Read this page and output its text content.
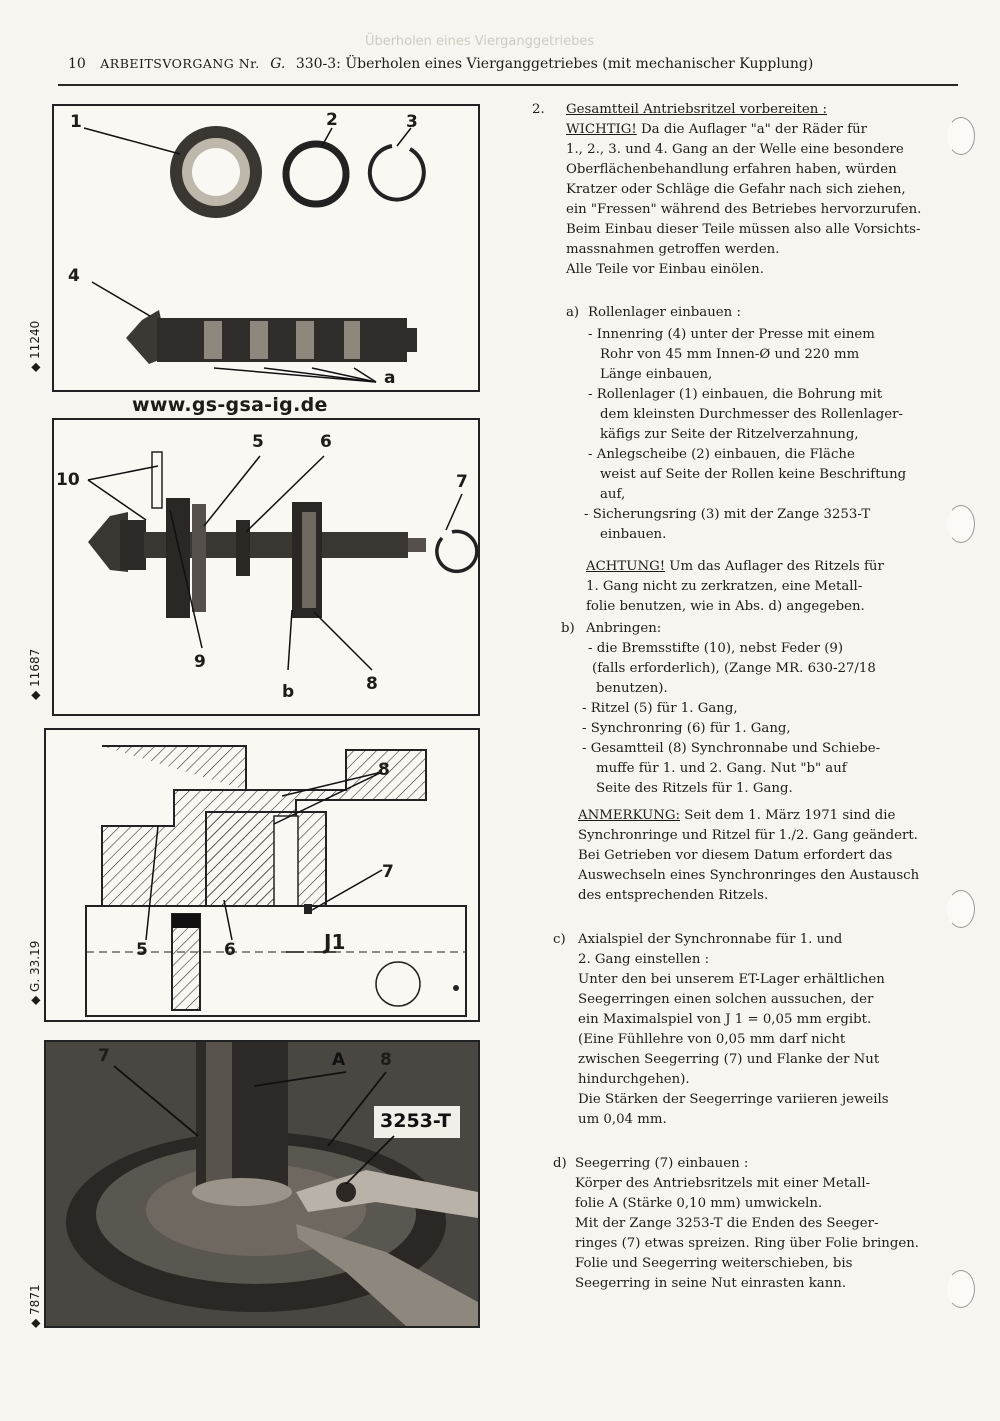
Überholen eines Vierganggetriebes
10 ARBEITSVORGANG Nr. G. 330-3: Überholen eines Vierganggetriebes (mit mechanischer Kupplung)
◆ 11240
◆ 11687
◆ G. 33.19
◆ 7871
1	2	3
4
a
www.gs-gsa-ig.de
5	6
7
10
9
b	8
8
7
5	6	J1
7	A 8
3253-T
2. Gesamtteil Antriebsritzel vorbereiten :
WICHTIG! Da die Auflager "a" der Räder für
1., 2., 3. und 4. Gang an der Welle eine besondere
Oberflächenbehandlung erfahren haben, würden
Kratzer oder Schläge die Gefahr nach sich ziehen,
ein "Fressen" während des Betriebes hervorzurufen.
Beim Einbau dieser Teile müssen also alle Vorsichts-
massnahmen getroffen werden.
Alle Teile vor Einbau einölen.
a) Rollenlager einbauen :
- Innenring (4) unter der Presse mit einem
Rohr von 45 mm Innen-Ø und 220 mm
Länge einbauen,
- Rollenlager (1) einbauen, die Bohrung mit
dem kleinsten Durchmesser des Rollenlager-
käfigs zur Seite der Ritzelverzahnung,
- Anlegscheibe (2) einbauen, die Fläche
weist auf Seite der Rollen keine Beschriftung
auf,
- Sicherungsring (3) mit der Zange 3253-T
einbauen.
ACHTUNG! Um das Auflager des Ritzels für
1. Gang nicht zu zerkratzen, eine Metall-
folie benutzen, wie in Abs. d) angegeben.
b) Anbringen:
- die Bremsstifte (10), nebst Feder (9)
(falls erforderlich), (Zange MR. 630-27/18
benutzen).
- Ritzel (5) für 1. Gang,
- Synchronring (6) für 1. Gang,
- Gesamtteil (8) Synchronnabe und Schiebe-
muffe für 1. und 2. Gang. Nut "b" auf
Seite des Ritzels für 1. Gang.
ANMERKUNG: Seit dem 1. März 1971 sind die
Synchronringe und Ritzel für 1./2. Gang geändert.
Bei Getrieben vor diesem Datum erfordert das
Auswechseln eines Synchronringes den Austausch
des entsprechenden Ritzels.
c) Axialspiel der Synchronnabe für 1. und
2. Gang einstellen :
Unter den bei unserem ET-Lager erhältlichen
Seegerringen einen solchen aussuchen, der
ein Maximalspiel von J 1 = 0,05 mm ergibt.
(Eine Fühllehre von 0,05 mm darf nicht
zwischen Seegerring (7) und Flanke der Nut
hindurchgehen).
Die Stärken der Seegerringe variieren jeweils
um 0,04 mm.
d) Seegerring (7) einbauen :
Körper des Antriebsritzels mit einer Metall-
folie A (Stärke 0,10 mm) umwickeln.
Mit der Zange 3253-T die Enden des Seeger-
ringes (7) etwas spreizen. Ring über Folie bringen.
Folie und Seegerring weiterschieben, bis
Seegerring in seine Nut einrasten kann.
